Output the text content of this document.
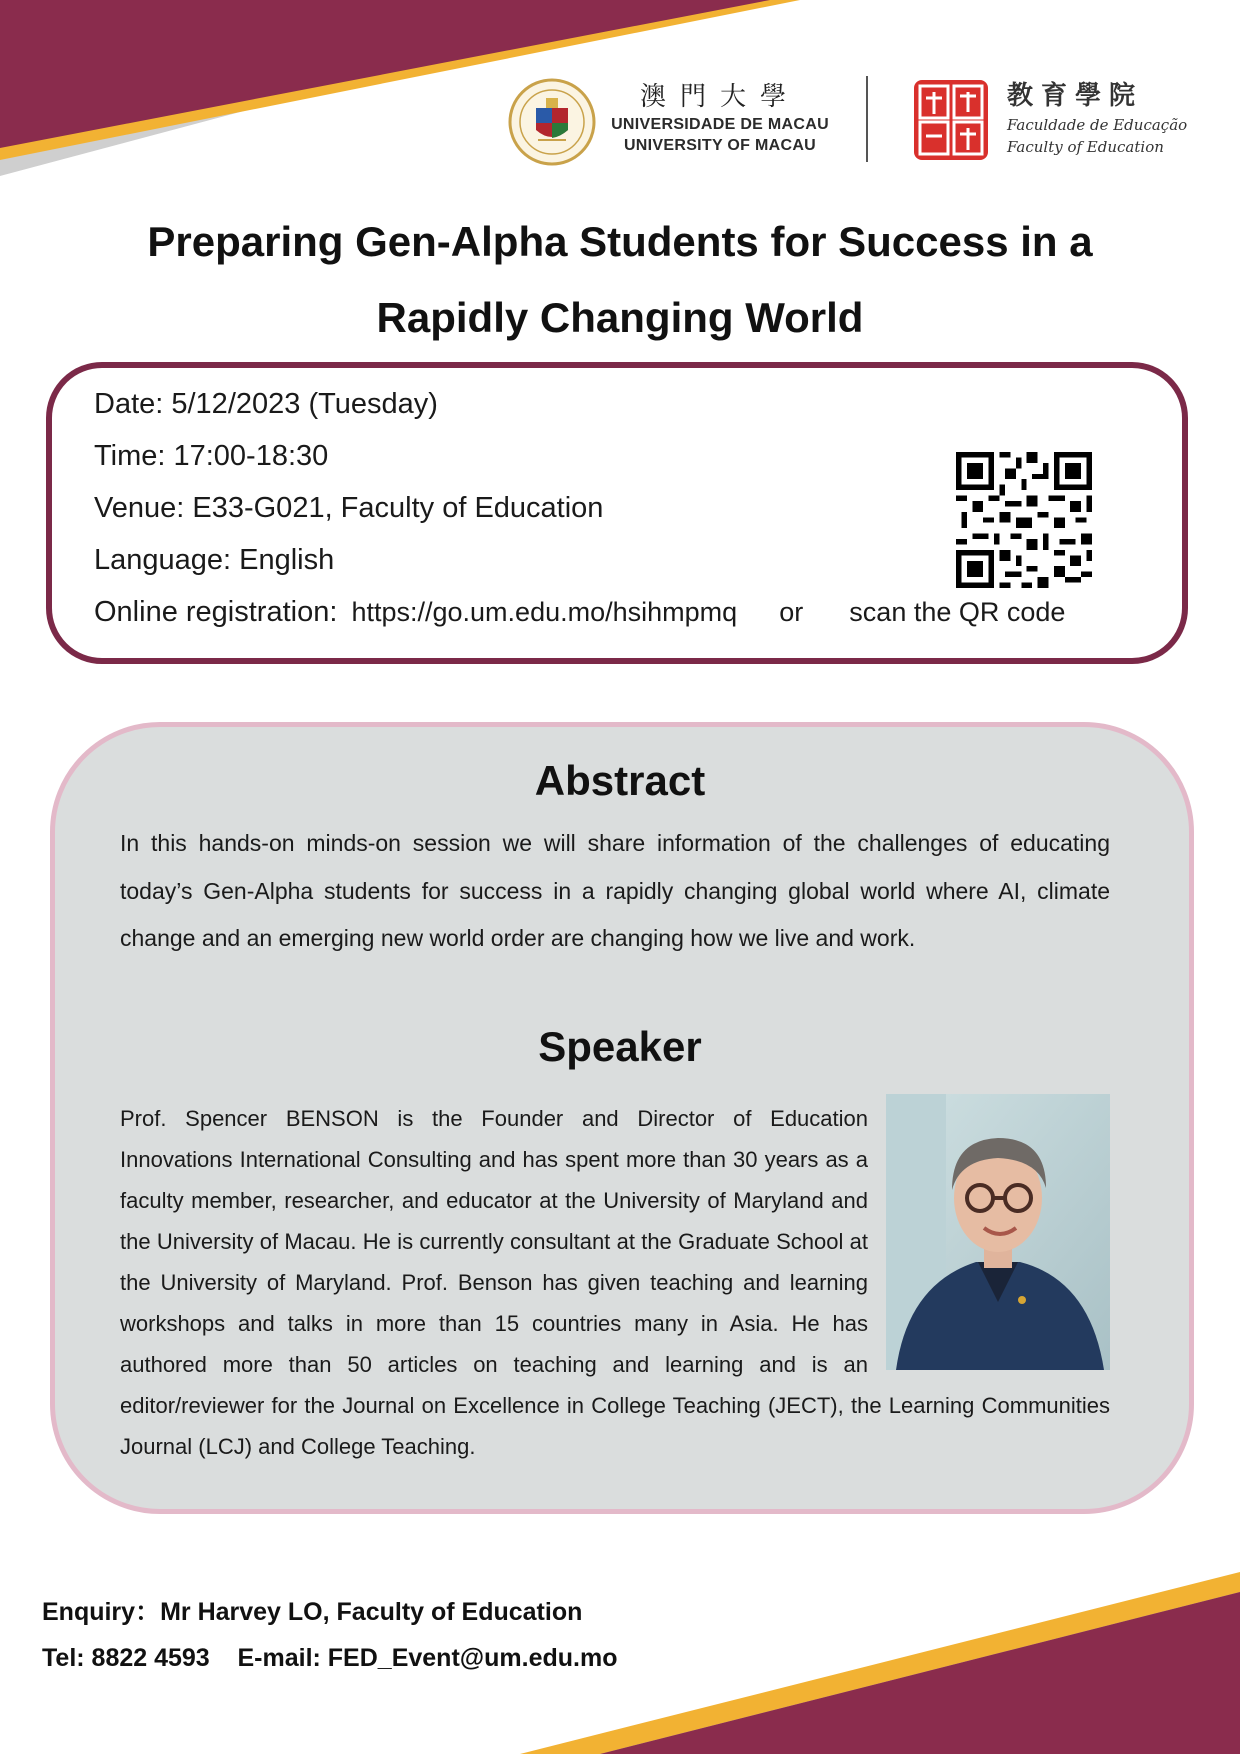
澳門大學
UNIVERSIDADE DE MACAU
UNIVERSITY OF MACAU
教育學院
Faculdade de Educação
Faculty of Education
Preparing Gen-Alpha Students for Success in a
Rapidly Changing World
Date: 5/12/2023 (Tuesday)
Time: 17:00-18:30
Venue: E33-G021, Faculty of Education
Language: English
Online registration: https://go.um.edu.mo/hsihmpmq or scan the QR code
Abstract
In this hands-on minds-on session we will share information of the challenges of educating today’s Gen-Alpha students for success in a rapidly changing global world where AI, climate change and an emerging new world order are changing how we live and work.
Speaker
Prof. Spencer BENSON is the Founder and Director of Education Innovations International Consulting and has spent more than 30 years as a faculty member, researcher, and educator at the University of Maryland and the University of Macau. He is currently consultant at the Graduate School at the University of Maryland. Prof. Benson has given teaching and learning workshops and talks in more than 15 countries many in Asia. He has authored more than 50 articles on teaching and learning and is an editor/reviewer for the Journal on Excellence in College Teaching (JECT), the Learning Communities Journal (LCJ) and College Teaching.
Enquiry：Mr Harvey LO, Faculty of Education
Tel: 8822 4593    E-mail: FED_Event@um.edu.mo
